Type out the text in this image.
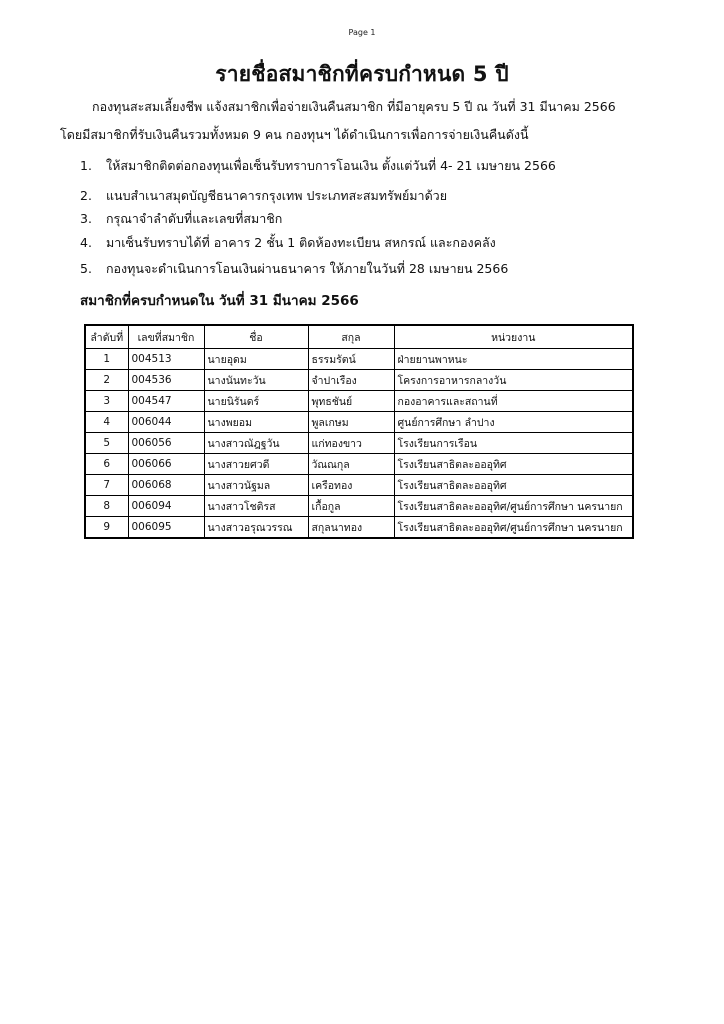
Page 1
รายชื่อสมาชิกที่ครบกำหนด 5 ปี
กองทุนสะสมเลี้ยงชีพ แจ้งสมาชิกเพื่อจ่ายเงินคืนสมาชิก ที่มีอายุครบ 5 ปี ณ วันที่ 31 มีนาคม 2566
โดยมีสมาชิกที่รับเงินคืนรวมทั้งหมด 9 คน กองทุนฯ ได้ดำเนินการเพื่อการจ่ายเงินคืนดังนี้
1. ให้สมาชิกติดต่อกองทุนเพื่อเซ็นรับทราบการโอนเงิน ตั้งแต่วันที่ 4- 21 เมษายน 2566
2. แนบสำเนาสมุดบัญชีธนาคารกรุงเทพ ประเภทสะสมทรัพย์มาด้วย
3. กรุณาจำลำดับที่และเลขที่สมาชิก
4. มาเซ็นรับทราบได้ที่ อาคาร 2 ชั้น 1 ติดห้องทะเบียน สหกรณ์ และกองคลัง
5. กองทุนจะดำเนินการโอนเงินผ่านธนาคาร ให้ภายในวันที่ 28 เมษายน 2566
สมาชิกที่ครบกำหนดใน วันที่ 31 มีนาคม 2566
ลำดับที่	เลขที่สมาชิก	ชื่อ	สกุล	หน่วยงาน
1	004513	นายอุดม	ธรรมรัตน์	ฝ่ายยานพาหนะ
2	004536	นางนันทะวัน	จำปาเรือง	โครงการอาหารกลางวัน
3	004547	นายนิรันดร์	พุทธชันย์	กองอาคารและสถานที่
4	006044	นางพยอม	พูลเกษม	ศูนย์การศึกษา ลำปาง
5	006056	นางสาวณัฎฐวัน	แก่ทองขาว	โรงเรียนการเรือน
6	006066	นางสาวยศวดี	วัณณกุล	โรงเรียนสาธิตละอออุทิศ
7	006068	นางสาวนัฐมล	เครือทอง	โรงเรียนสาธิตละอออุทิศ
8	006094	นางสาวโชติรส	เกื้อกูล	โรงเรียนสาธิตละอออุทิศ/ศูนย์การศึกษา นครนายก
9	006095	นางสาวอรุณวรรณ	สกุลนาทอง	โรงเรียนสาธิตละอออุทิศ/ศูนย์การศึกษา นครนายก
